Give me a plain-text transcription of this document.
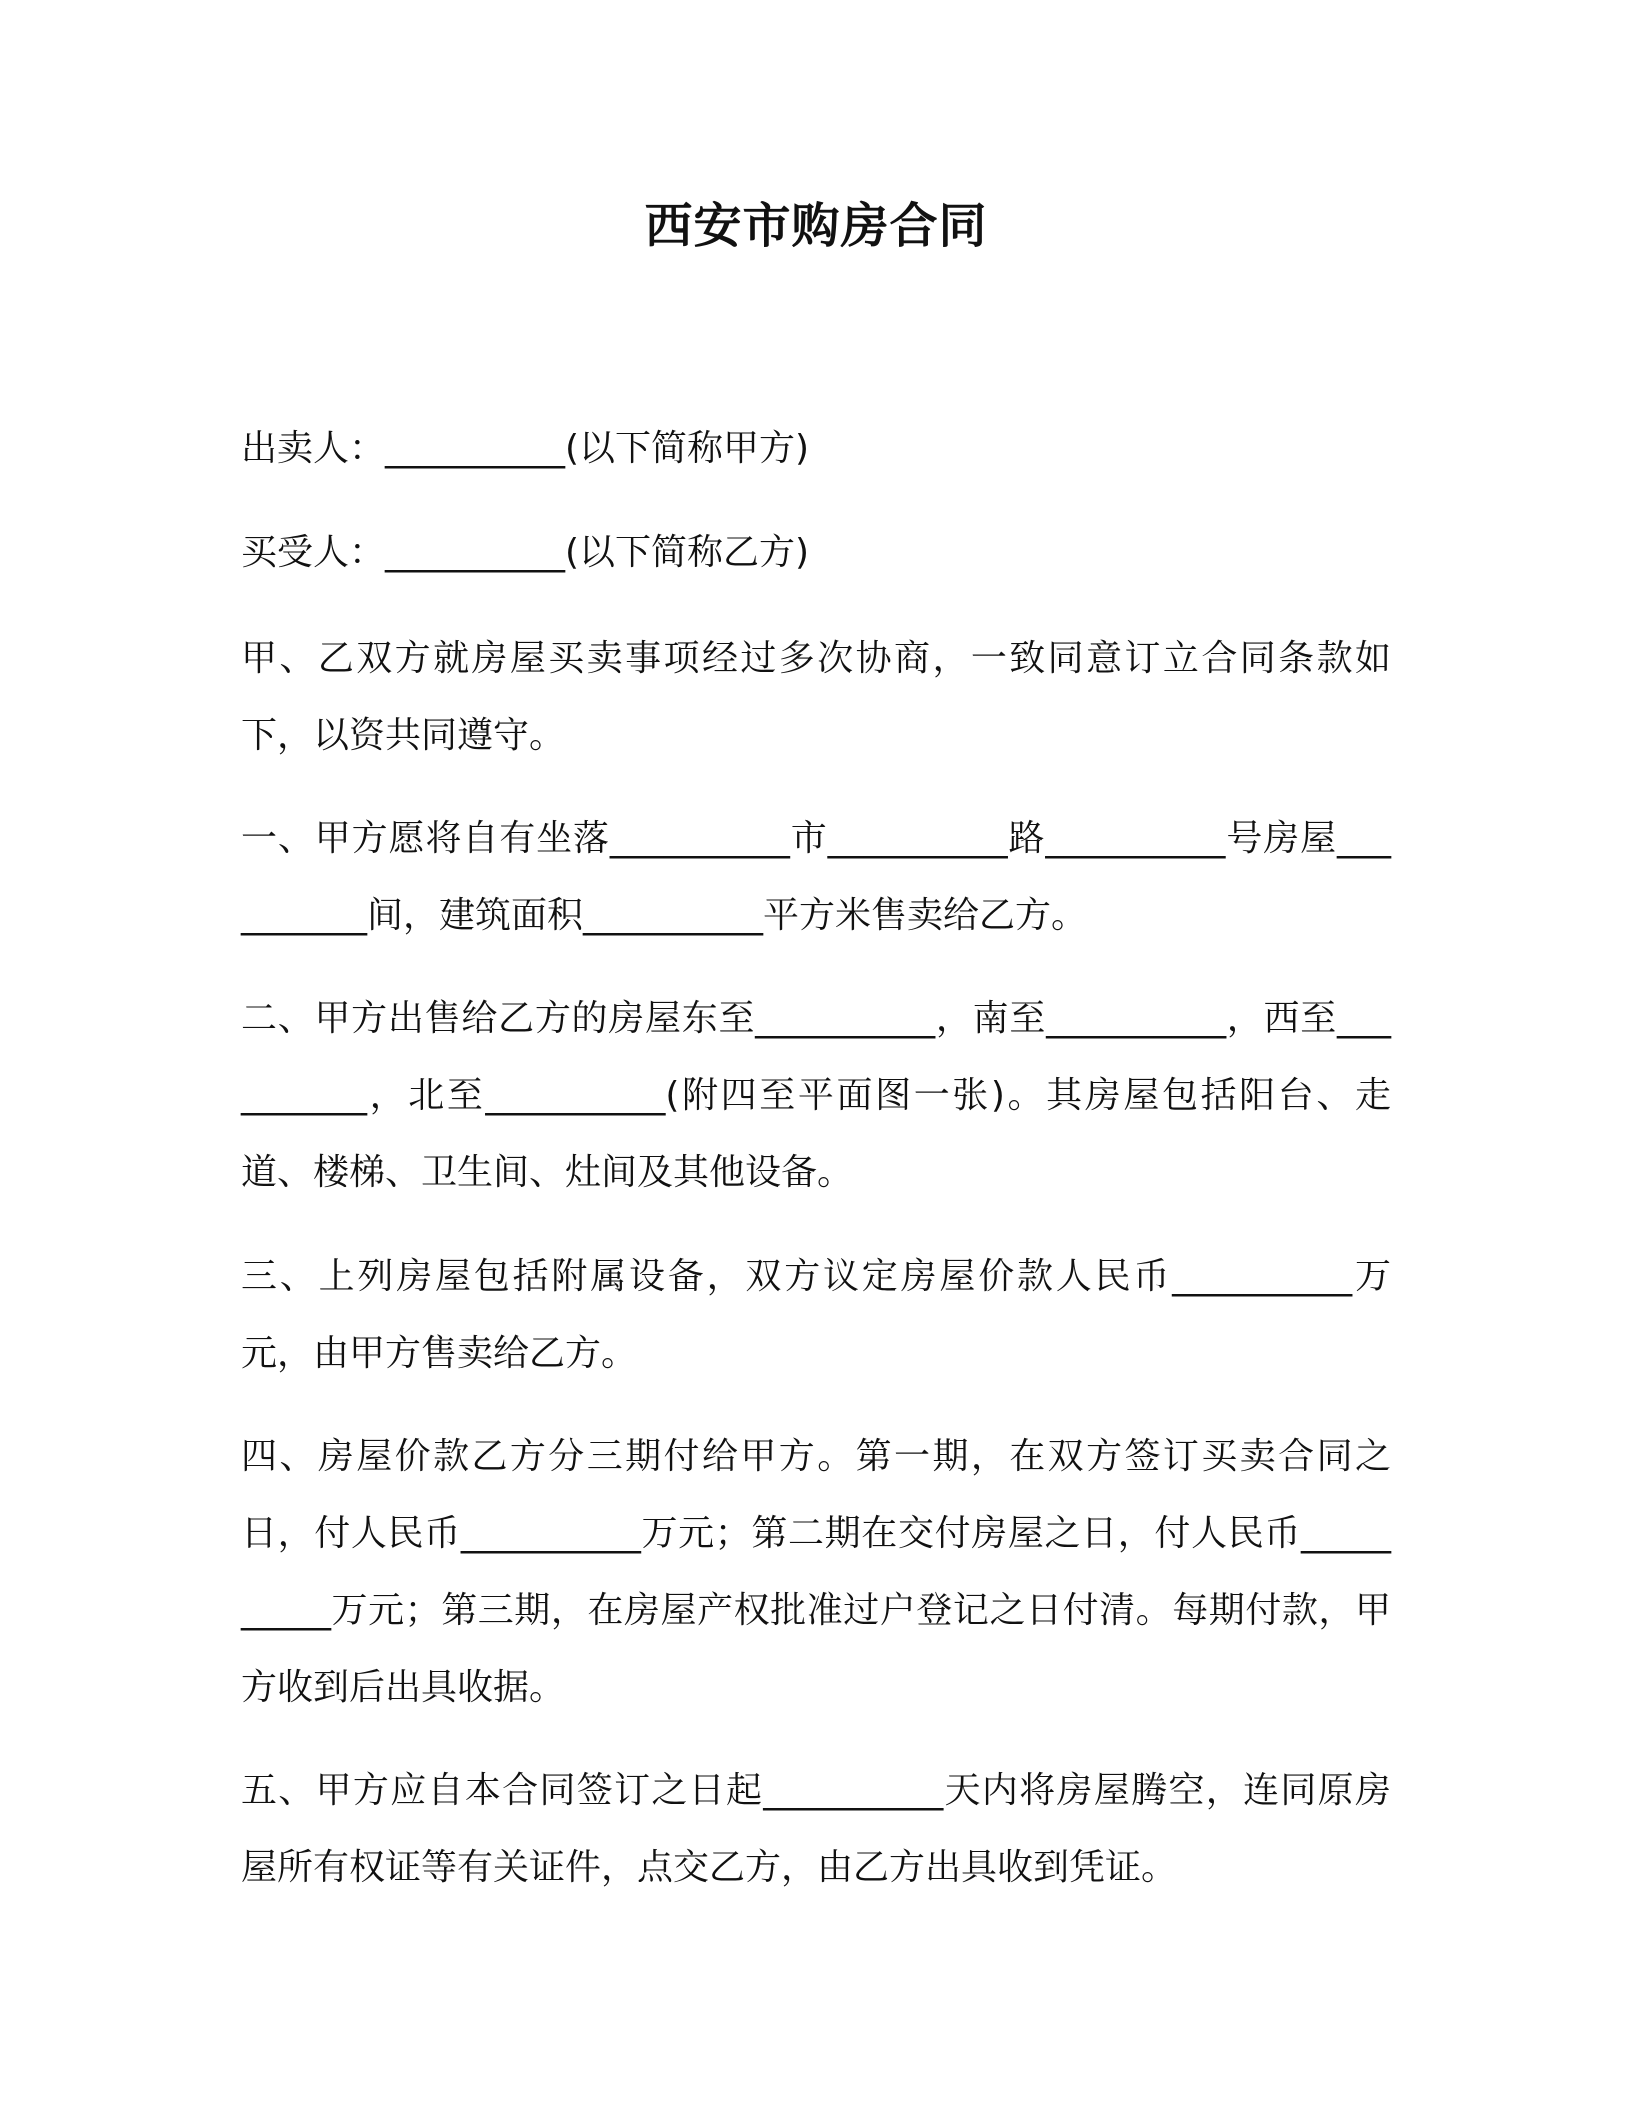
西安市购房合同

出卖人：__________(以下简称甲方)

买受人：__________(以下简称乙方)

甲、乙双方就房屋买卖事项经过多次协商，一致同意订立合同条款如下，以资共同遵守。

一、甲方愿将自有坐落__________市__________路__________号房屋__________间，建筑面积__________平方米售卖给乙方。

二、甲方出售给乙方的房屋东至__________，南至__________，西至__________，北至__________(附四至平面图一张)。其房屋包括阳台、走道、楼梯、卫生间、灶间及其他设备。

三、上列房屋包括附属设备，双方议定房屋价款人民币__________万元，由甲方售卖给乙方。

四、房屋价款乙方分三期付给甲方。第一期，在双方签订买卖合同之日，付人民币__________万元；第二期在交付房屋之日，付人民币__________万元；第三期，在房屋产权批准过户登记之日付清。每期付款，甲方收到后出具收据。

五、甲方应自本合同签订之日起__________天内将房屋腾空，连同原房屋所有权证等有关证件，点交乙方，由乙方出具收到凭证。
